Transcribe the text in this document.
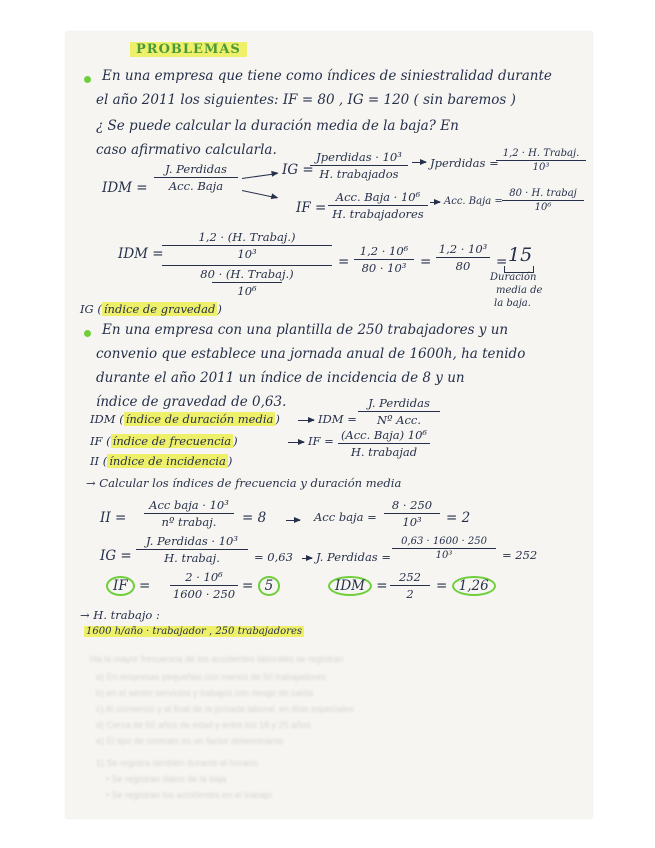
PROBLEMAS
En una empresa que tiene como índices de siniestralidad durante
el año 2011 los siguientes: IF = 80 , IG = 120 ( sin baremos )
¿ Se puede calcular la duración media de la baja? En
caso afirmativo calcularla.
IDM =
J. Perdidas
Acc. Baja
IG =
Jperdidas · 10³
H. trabajados
Jperdidas =
1,2 · H. Trabaj.
10³
IF =
Acc. Baja · 10⁶
H. trabajadores
Acc. Baja =
80 · H. trabaj
10⁶
IDM =
1,2 · (H. Trabaj.)
10³
80 · (H. Trabaj.)
10⁶
=
1,2 · 10⁶
80 · 10³	=
1,2 · 10³
80	= 15
Duración
media de
la baja.
IG ( índice de gravedad )
En una empresa con una plantilla de 250 trabajadores y un
convenio que establece una jornada anual de 1600h, ha tenido
durante el año 2011 un índice de incidencia de 8 y un
índice de gravedad de 0,63.
IDM ( índice de duración media )	IDM =
J. Perdidas
Nº Acc.
IF ( índice de frecuencia )	IF = (Acc. Baja) 10⁶
H. trabajad
II ( índice de incidencia )
→ Calcular los índices de frecuencia y duración media
II =
Acc baja · 10³
nº trabaj.	= 8	Acc baja =
8 · 250
10³	= 2
IG =
J. Perdidas · 10³
H. trabaj.	= 0,63 J. Perdidas =
0,63 · 1600 · 250
10³	= 252
IF =
2 · 10⁶
1600 · 250 = 5	IDM =
252
2	= 1,26
→ H. trabajo :
1600 h/año · trabajador , 250 trabajadores
Ha la mayor frecuencia de los accidentes laborales se registran
a) En empresas pequeñas con menos de 50 trabajadores
b) en el sector servicios y trabajos con riesgo de caída
c) Al comienzo y al final de la jornada laboral, en días especiales
d) Cerca de 50 años de edad y entre los 18 y 25 años
e) El tipo de contrato es un factor determinante
1) Se registra también durante el horario
• Se registran datos de la baja
• Se registran los accidentes en el trabajo
